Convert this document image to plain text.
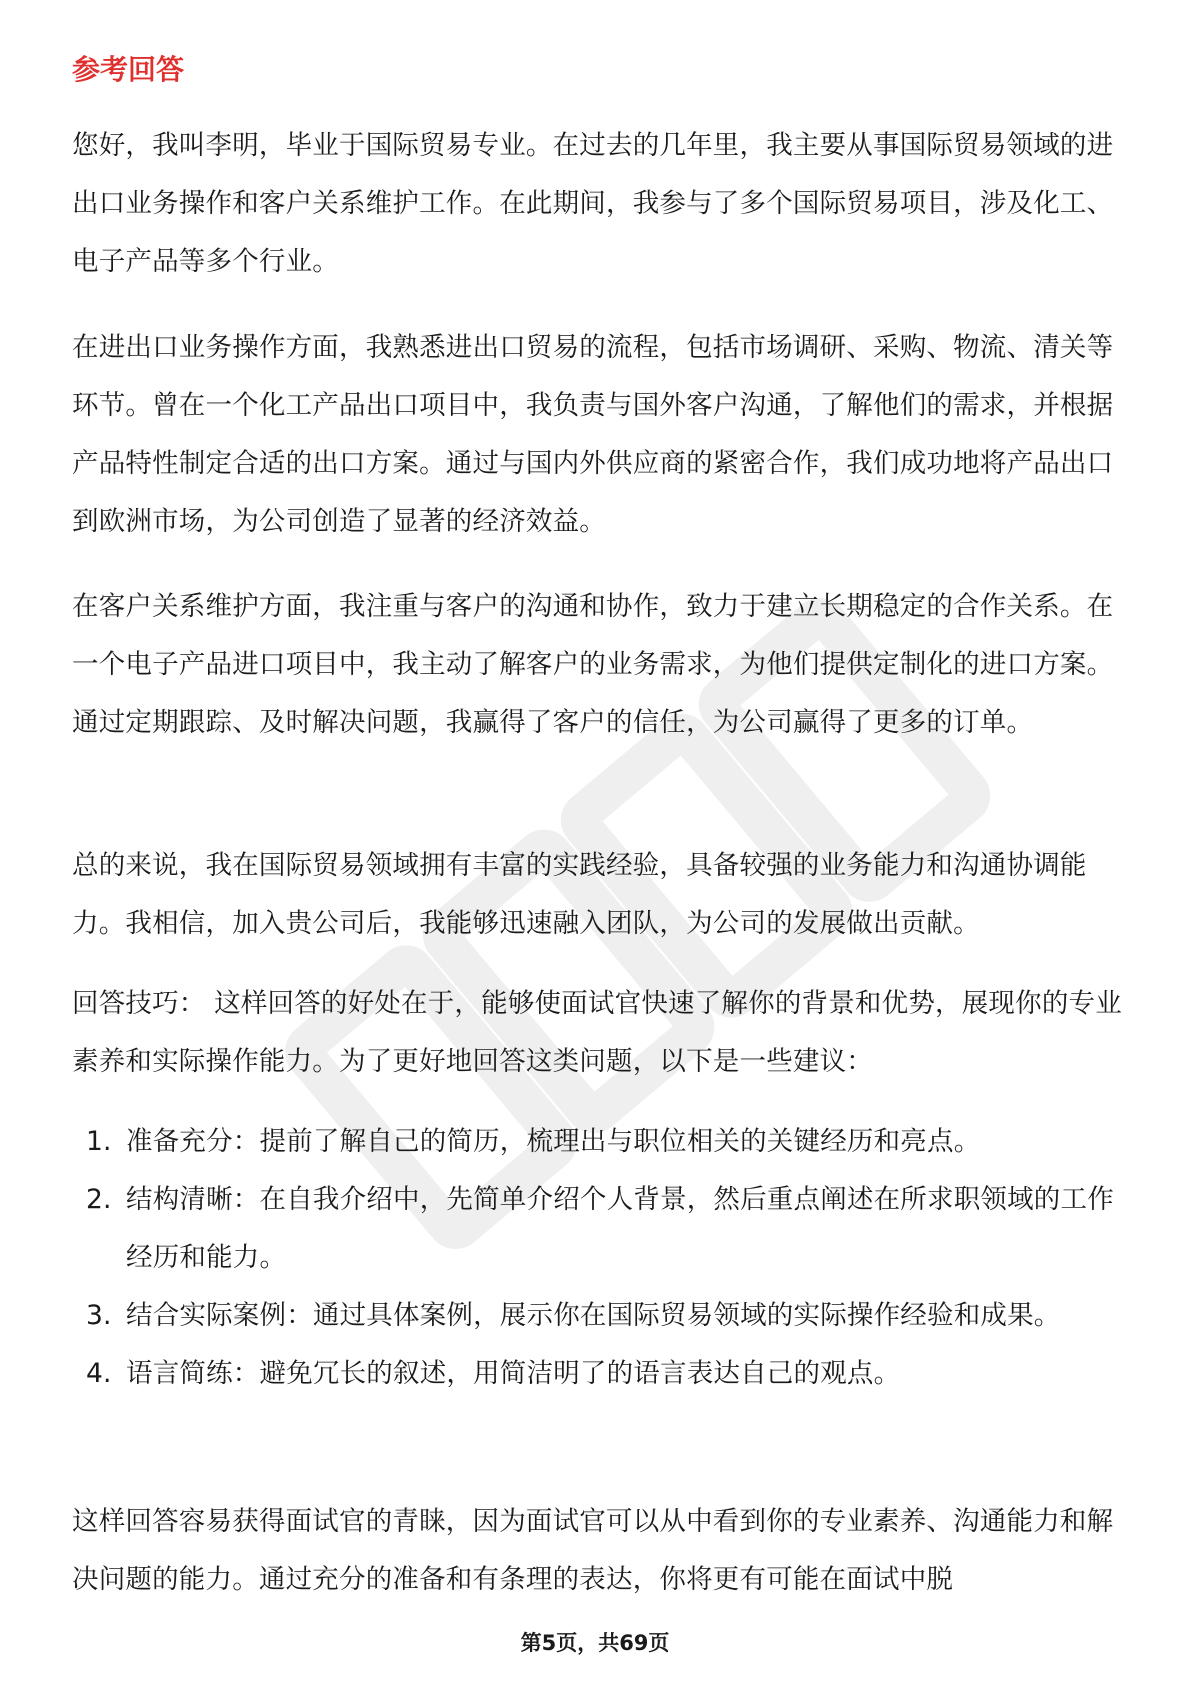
参考回答

您好，我叫李明，毕业于国际贸易专业。在过去的几年里，我主要从事国际贸易领域的进出口业务操作和客户关系维护工作。在此期间，我参与了多个国际贸易项目，涉及化工、电子产品等多个行业。

在进出口业务操作方面，我熟悉进出口贸易的流程，包括市场调研、采购、物流、清关等环节。曾在一个化工产品出口项目中，我负责与国外客户沟通，了解他们的需求，并根据产品特性制定合适的出口方案。通过与国内外供应商的紧密合作，我们成功地将产品出口到欧洲市场，为公司创造了显著的经济效益。

在客户关系维护方面，我注重与客户的沟通和协作，致力于建立长期稳定的合作关系。在一个电子产品进口项目中，我主动了解客户的业务需求，为他们提供定制化的进口方案。通过定期跟踪、及时解决问题，我赢得了客户的信任，为公司赢得了更多的订单。

总的来说，我在国际贸易领域拥有丰富的实践经验，具备较强的业务能力和沟通协调能力。我相信，加入贵公司后，我能够迅速融入团队，为公司的发展做出贡献。

回答技巧： 这样回答的好处在于，能够使面试官快速了解你的背景和优势，展现你的专业素养和实际操作能力。为了更好地回答这类问题，以下是一些建议：

1. 准备充分：提前了解自己的简历，梳理出与职位相关的关键经历和亮点。
2. 结构清晰：在自我介绍中，先简单介绍个人背景，然后重点阐述在所求职领域的工作经历和能力。
3. 结合实际案例：通过具体案例，展示你在国际贸易领域的实际操作经验和成果。
4. 语言简练：避免冗长的叙述，用简洁明了的语言表达自己的观点。

这样回答容易获得面试官的青睐，因为面试官可以从中看到你的专业素养、沟通能力和解决问题的能力。通过充分的准备和有条理的表达，你将更有可能在面试中脱

第5页，共69页
